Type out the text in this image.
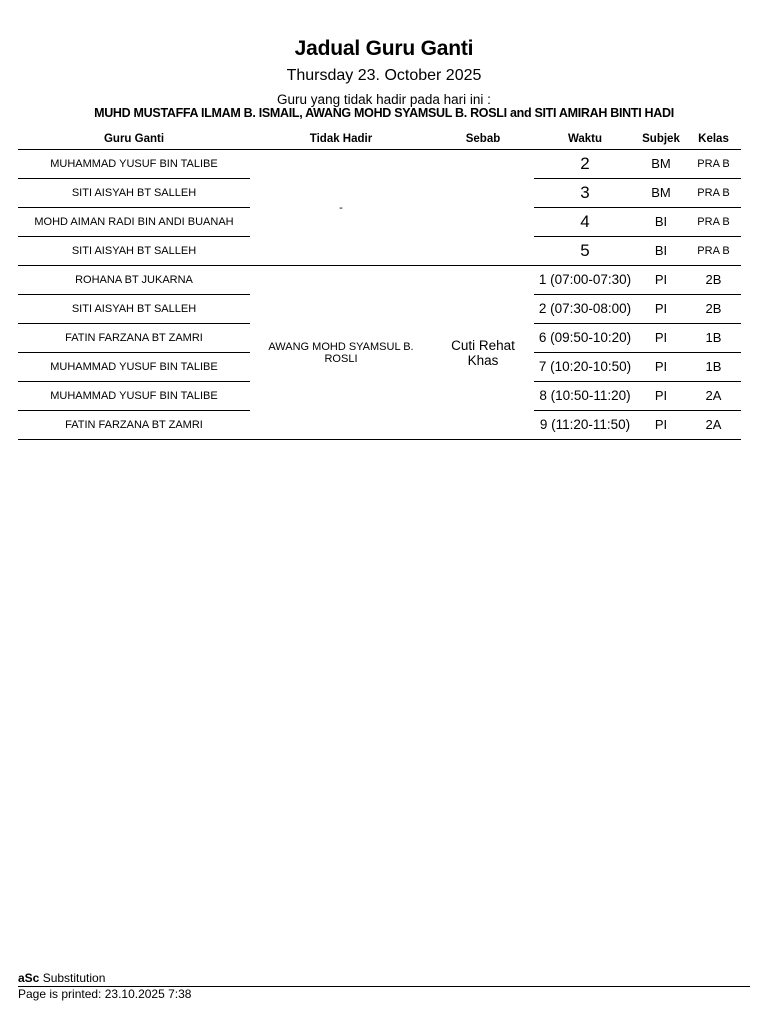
Jadual Guru Ganti
Thursday 23. October 2025
Guru yang tidak hadir pada hari ini :
MUHD MUSTAFFA ILMAM B. ISMAIL, AWANG MOHD SYAMSUL B. ROSLI and SITI AMIRAH BINTI HADI
Guru Ganti	Tidak Hadir	Sebab	Waktu	Subjek	Kelas
MUHAMMAD YUSUF BIN TALIBE	-		2	BM	PRA B
SITI AISYAH BT SALLEH			3	BM	PRA B
MOHD AIMAN RADI BIN ANDI BUANAH			4	BI	PRA B
SITI AISYAH BT SALLEH			5	BI	PRA B
ROHANA BT JUKARNA	AWANG MOHD SYAMSUL B. ROSLI	Cuti Rehat Khas	1 (07:00-07:30)	PI	2B
SITI AISYAH BT SALLEH			2 (07:30-08:00)	PI	2B
FATIN FARZANA BT ZAMRI			6 (09:50-10:20)	PI	1B
MUHAMMAD YUSUF BIN TALIBE			7 (10:20-10:50)	PI	1B
MUHAMMAD YUSUF BIN TALIBE			8 (10:50-11:20)	PI	2A
FATIN FARZANA BT ZAMRI			9 (11:20-11:50)	PI	2A
aSc Substitution
Page is printed: 23.10.2025 7:38
